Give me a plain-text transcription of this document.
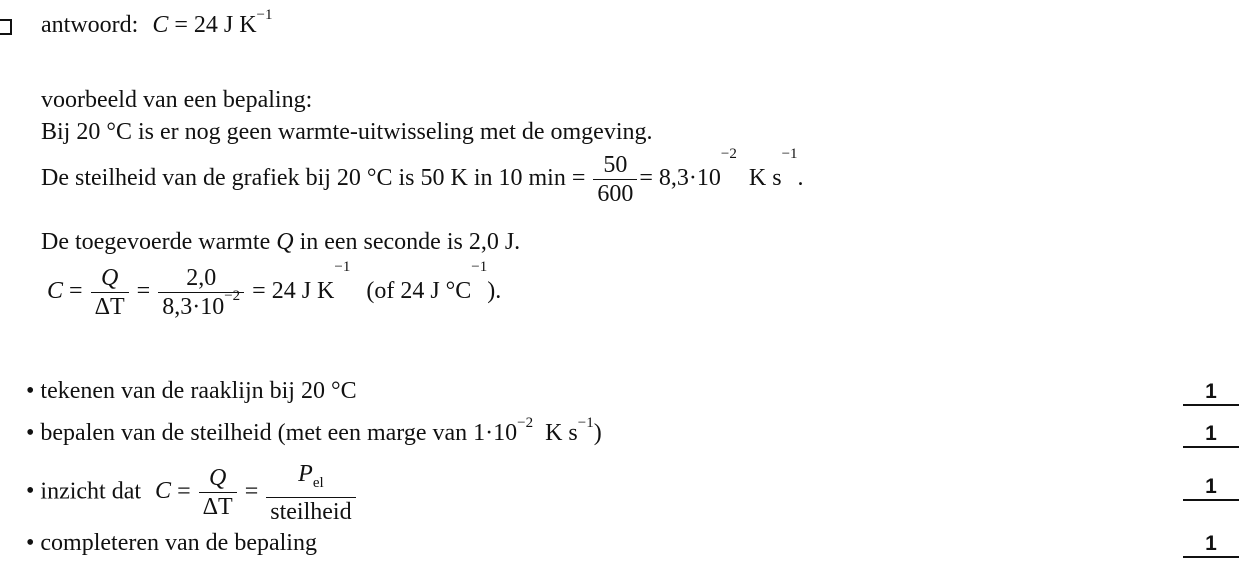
antwoord: C = 24 J $K^{-1}$
voorbeeld van een bepaling:
Bij 20 °C is er nog geen warmte-uitwisseling met de omgeving.
De steilheid van de grafiek bij 20 °C is 50 K in 10 $\min = \frac{50}{600} = 8,3\cdot 10^{-2}$ K $s^{-1}$.
De toegevoerde warmte Q in een seconde is 2,0 J.
$C = \frac{Q}{\Delta T} = \frac{2,0}{8,3\cdot 10^{-2}} = 24$ J $K^{-1}$ (of 24 J $^\circ C^{-1}$).
• tekenen van de raaklijn bij 20 °C	1
• bepalen van de steilheid (met een marge van $1\cdot 10^{-2}$ K $s^{-1}$)	1
• inzicht dat $C = \frac{Q}{\Delta T} = \frac{P_{el}}{\text{steilheid}}$	1
• completeren van de bepaling	1
